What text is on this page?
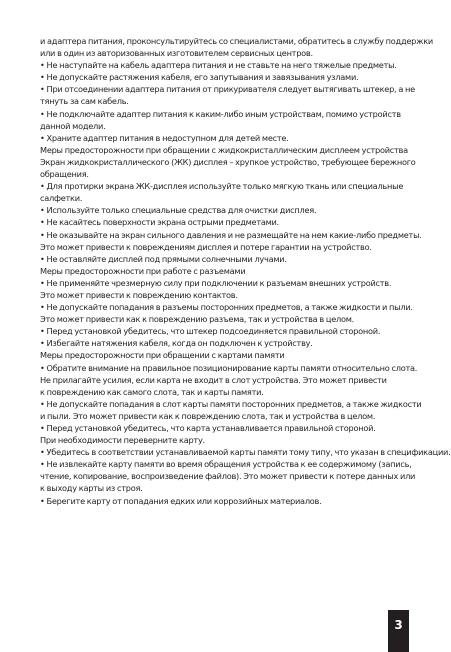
и адаптера питания, проконсультируйтесь со специалистами, обратитесь в службу поддержки
или в один из авторизованных изготовителем сервисных центров.
• Не наступайте на кабель адаптера питания и не ставьте на него тяжелые предметы.
• Не допускайте растяжения кабеля, его запутывания и завязывания узлами.
• При отсоединении адаптера питания от прикуривателя следует вытягивать штекер, а не
тянуть за сам кабель.
• Не подключайте адаптер питания к каким-либо иным устройствам, помимо устройств
данной модели.
• Храните адаптер питания в недоступном для детей месте.
Меры предосторожности при обращении с жидкокристаллическим дисплеем устройства
Экран жидкокристаллического (ЖК) дисплея – хрупкое устройство, требующее бережного
обращения.
• Для протирки экрана ЖК-дисплея используйте только мягкую ткань или специальные
салфетки.
• Используйте только специальные средства для очистки дисплея.
• Не касайтесь поверхности экрана острыми предметами.
• Не оказывайте на экран сильного давления и не размещайте на нем какие-либо предметы.
Это может привести к повреждениям дисплея и потере гарантии на устройство.
• Не оставляйте дисплей под прямыми солнечными лучами.
Меры предосторожности при работе с разъемами
• Не применяйте чрезмерную силу при подключении к разъемам внешних устройств.
Это может привести к повреждению контактов.
• Не допускайте попадания в разъемы посторонних предметов, а также жидкости и пыли.
Это может привести как к повреждению разъема, так и устройства в целом.
• Перед установкой убедитесь, что штекер подсоединяется правильной стороной.
• Избегайте натяжения кабеля, когда он подключен к устройству.
Меры предосторожности при обращении с картами памяти
• Обратите внимание на правильное позиционирование карты памяти относительно слота.
Не прилагайте усилия, если карта не входит в слот устройства. Это может привести
к повреждению как самого слота, так и карты памяти.
• Не допускайте попадания в слот карты памяти посторонних предметов, а также жидкости
и пыли. Это может привести как к повреждению слота, так и устройства в целом.
• Перед установкой убедитесь, что карта устанавливается правильной стороной.
При необходимости переверните карту.
• Убедитесь в соответствии устанавливаемой карты памяти тому типу, что указан в спецификации.
• Не извлекайте карту памяти во время обращения устройства к ее содержимому (запись,
чтение, копирование, воспроизведение файлов). Это может привести к потере данных или
к выходу карты из строя.
• Берегите карту от попадания едких или коррозийных материалов.
3
